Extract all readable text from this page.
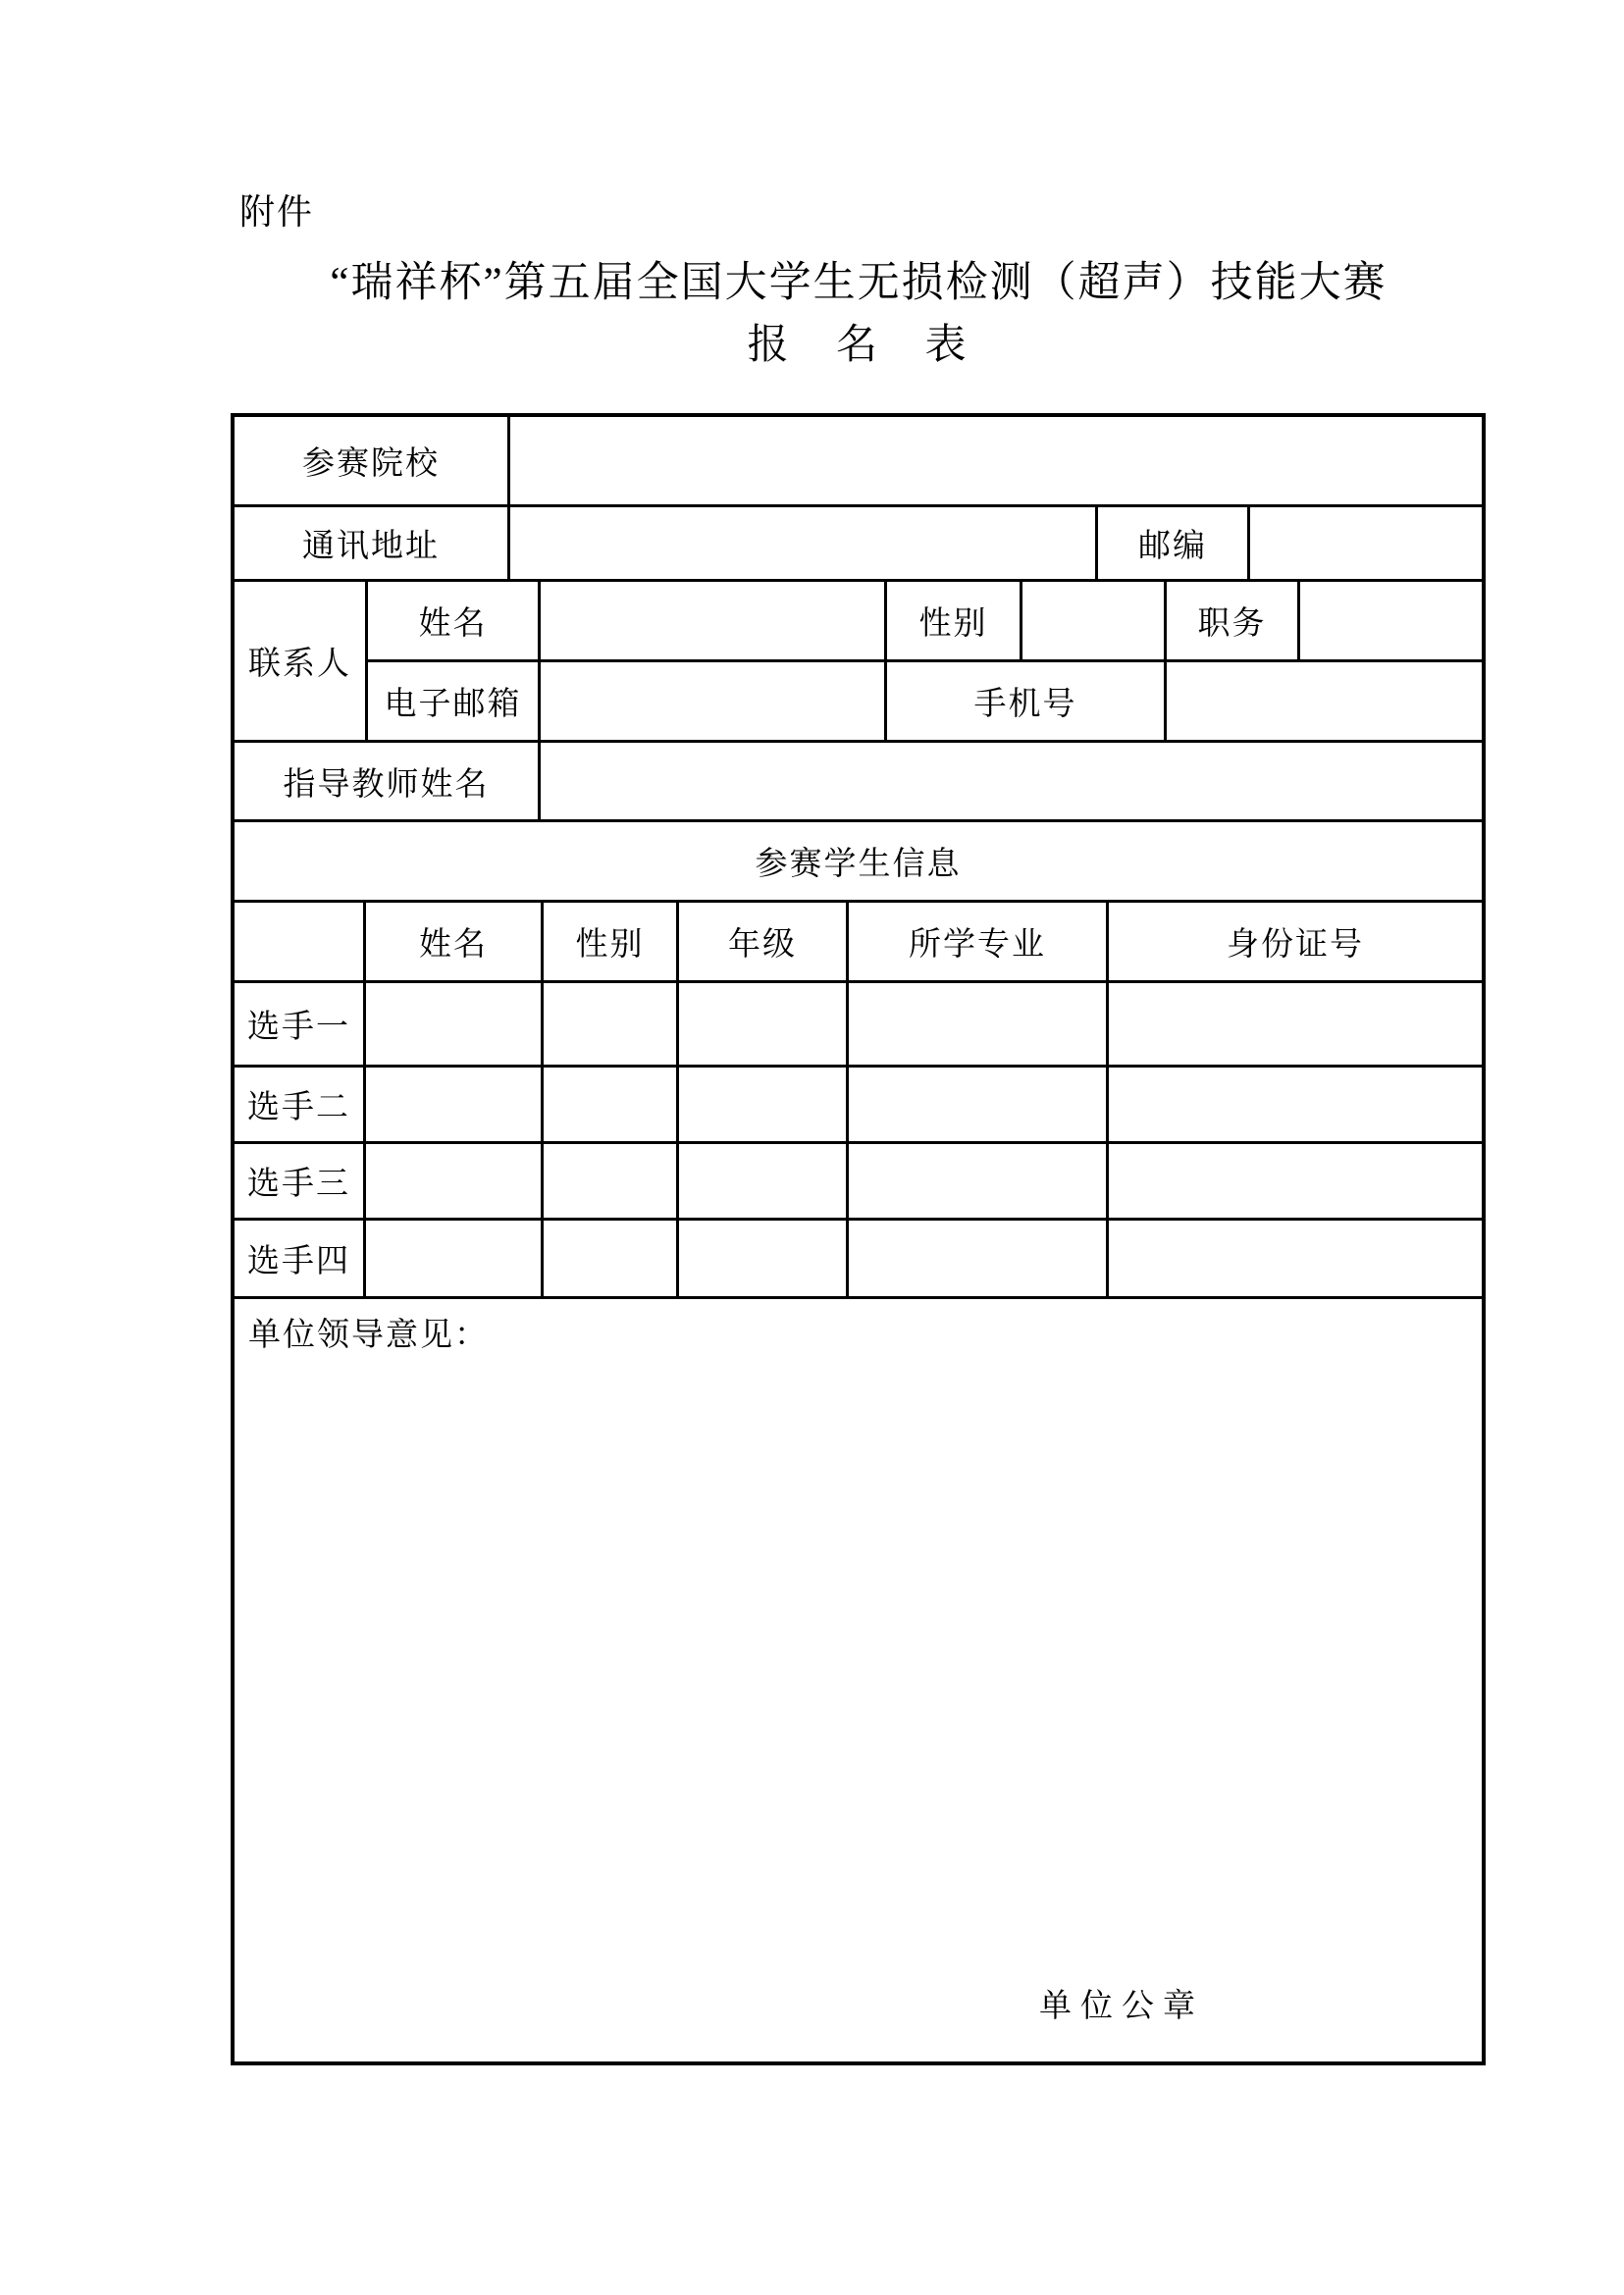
附件
“瑞祥杯”第五届全国大学生无损检测（超声）技能大赛
报 名 表
参赛院校
通讯地址	邮编
联系人
姓名	性别	职务
电子邮箱	手机号
指导教师姓名
参赛学生信息
姓名	性别	年级	所学专业	身份证号
选手一
选手二
选手三
选手四
单位领导意见：
单位公章
